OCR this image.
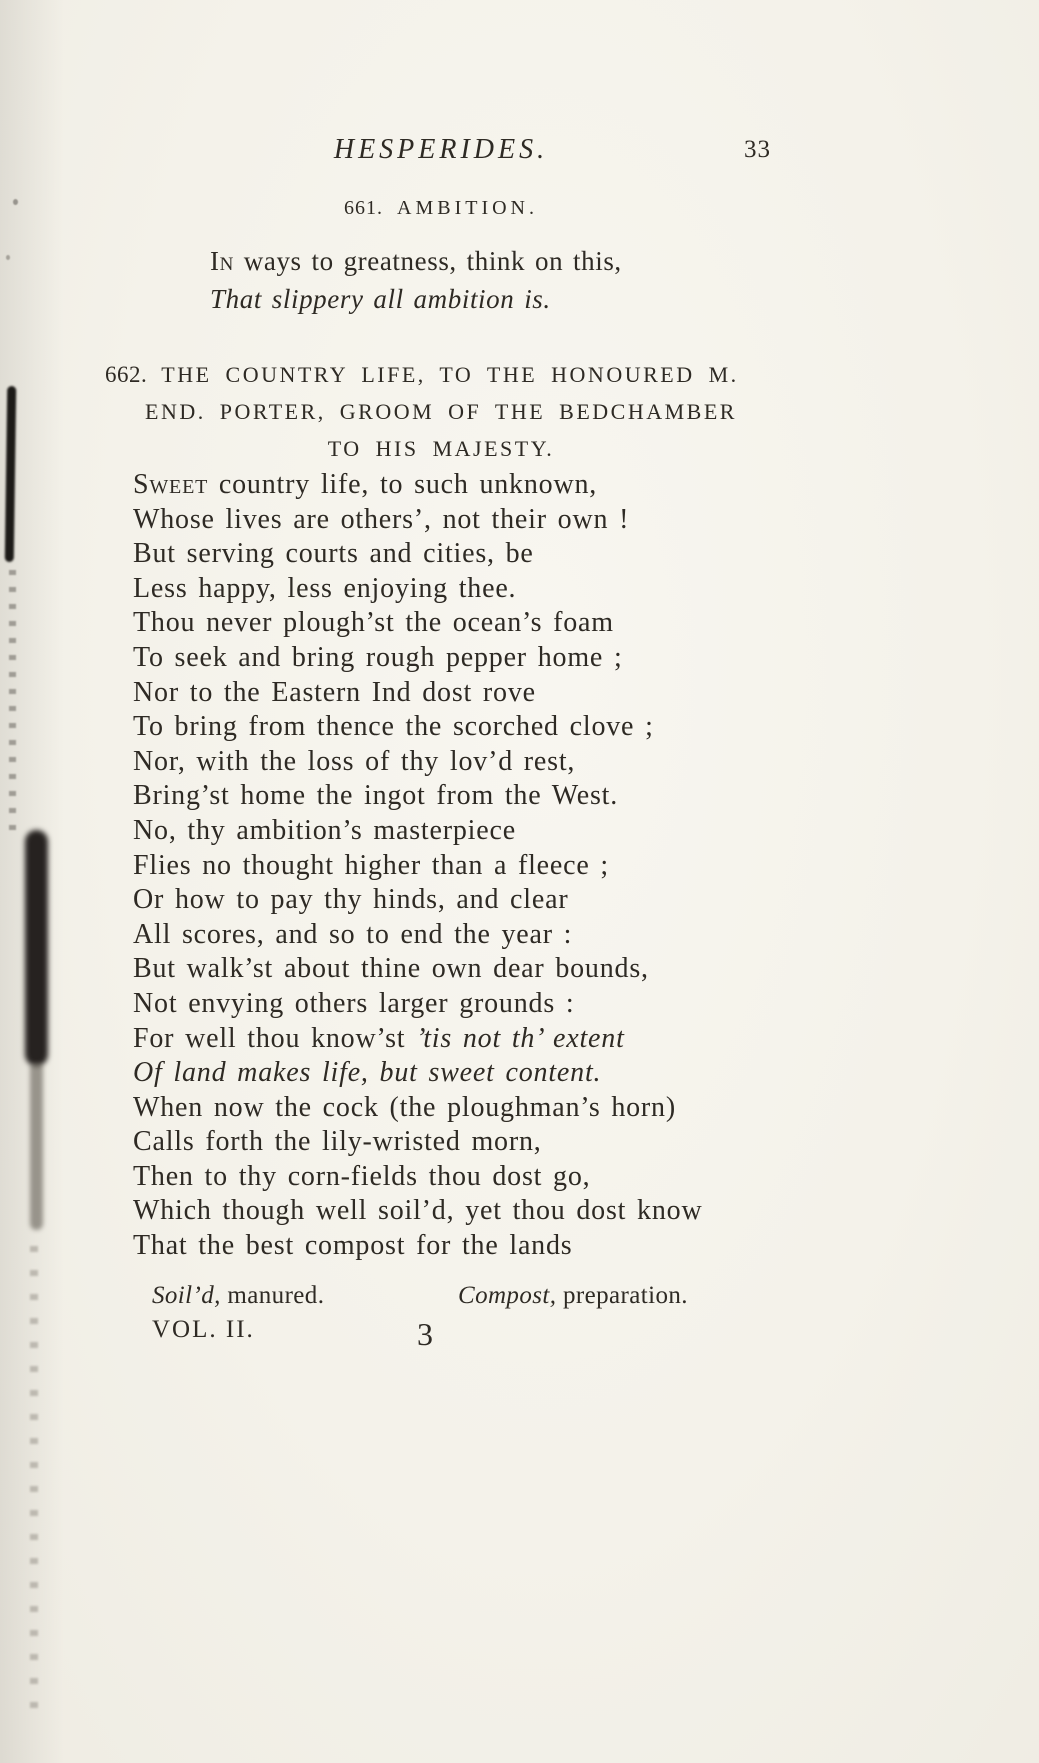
HESPERIDES.	33
661. AMBITION.
In ways to greatness, think on this,
That slippery all ambition is.
662. THE COUNTRY LIFE, TO THE HONOURED M.
END. PORTER, GROOM OF THE BEDCHAMBER
TO HIS MAJESTY.
Sweet country life, to such unknown,
Whose lives are others’, not their own !
But serving courts and cities, be
Less happy, less enjoying thee.
Thou never plough’st the ocean’s foam
To seek and bring rough pepper home ;
Nor to the Eastern Ind dost rove
To bring from thence the scorched clove ;
Nor, with the loss of thy lov’d rest,
Bring’st home the ingot from the West.
No, thy ambition’s masterpiece
Flies no thought higher than a fleece ;
Or how to pay thy hinds, and clear
All scores, and so to end the year :
But walk’st about thine own dear bounds,
Not envying others larger grounds :
For well thou know’st ’tis not th’ extent
Of land makes life, but sweet content.
When now the cock (the ploughman’s horn)
Calls forth the lily-wristed morn,
Then to thy corn-fields thou dost go,
Which though well soil’d, yet thou dost know
That the best compost for the lands
Soil’d, manured.	Compost, preparation.
VOL. II.	3
